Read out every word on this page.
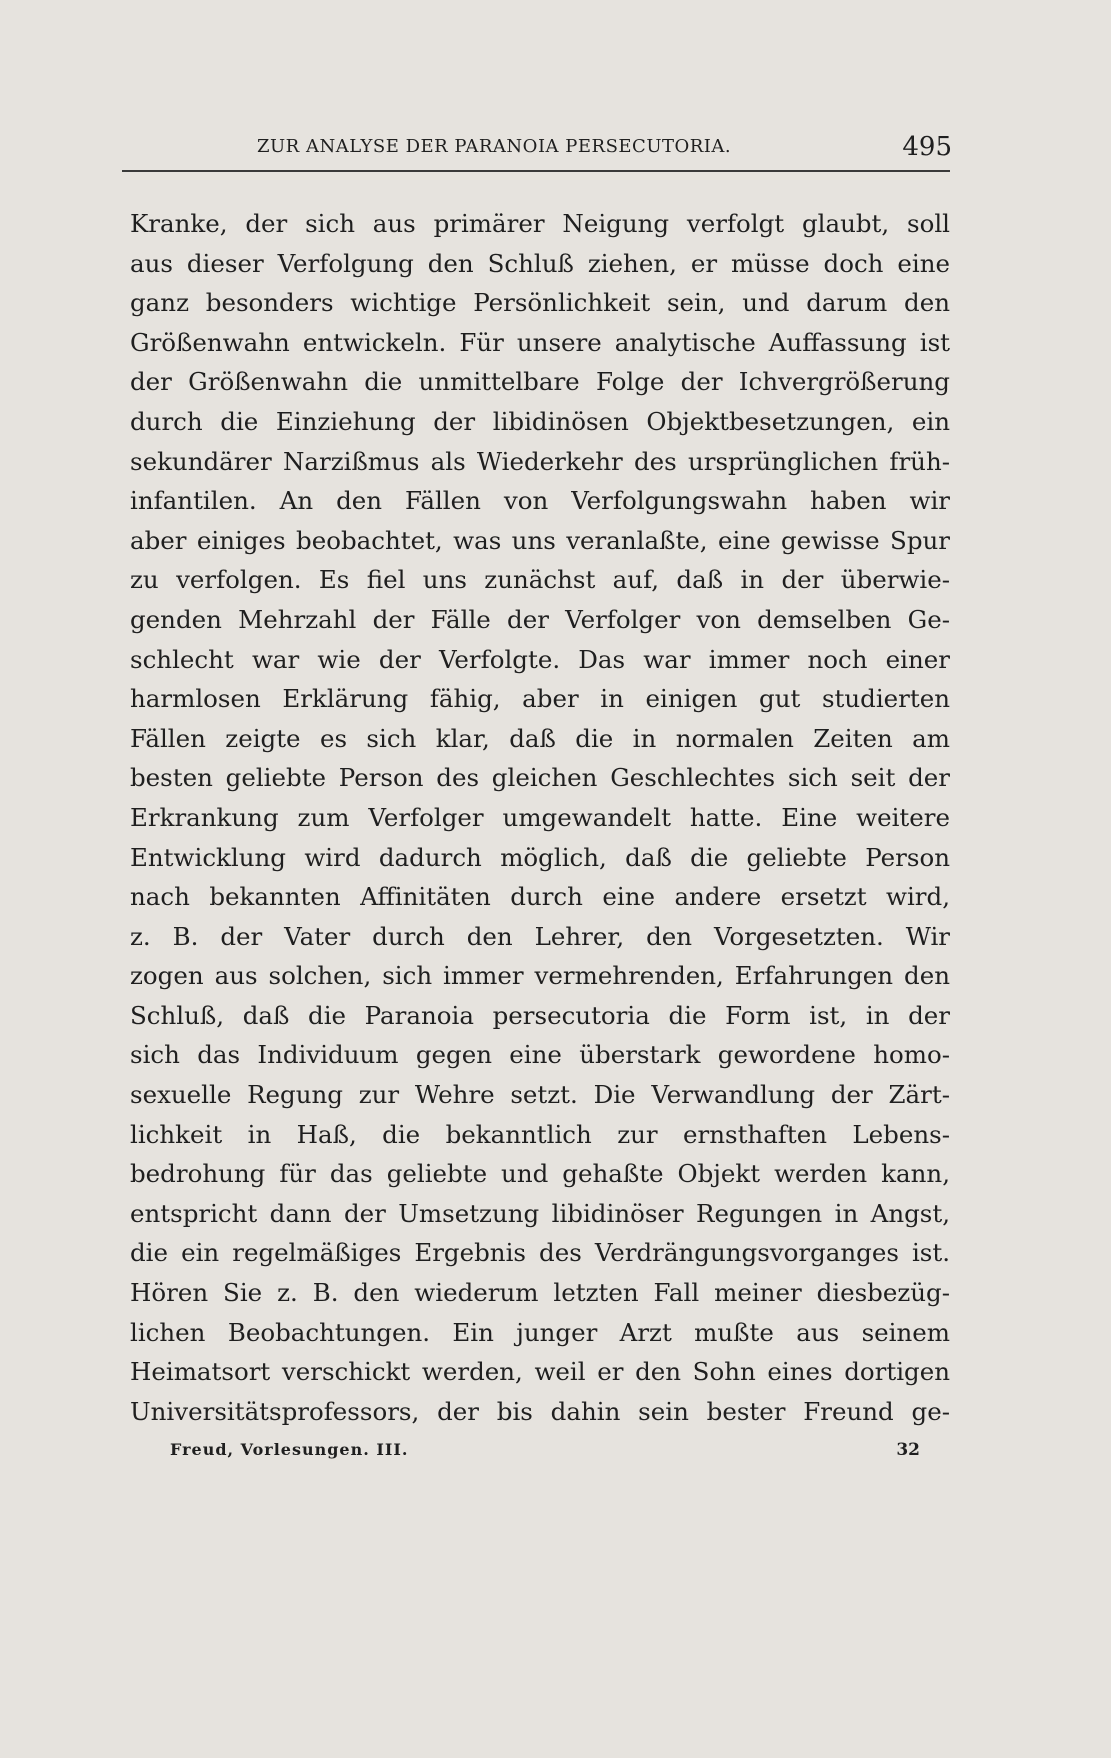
ZUR ANALYSE DER PARANOIA PERSECUTORIA.	495
Kranke, der sich aus primärer Neigung verfolgt glaubt, soll
aus dieser Verfolgung den Schluß ziehen, er müsse doch eine
ganz besonders wichtige Persönlichkeit sein, und darum den
Größenwahn entwickeln. Für unsere analytische Auffassung ist
der Größenwahn die unmittelbare Folge der Ichvergrößerung
durch die Einziehung der libidinösen Objektbesetzungen, ein
sekundärer Narzißmus als Wiederkehr des ursprünglichen früh-
infantilen. An den Fällen von Verfolgungswahn haben wir
aber einiges beobachtet, was uns veranlaßte, eine gewisse Spur
zu verfolgen. Es fiel uns zunächst auf, daß in der überwie-
genden Mehrzahl der Fälle der Verfolger von demselben Ge-
schlecht war wie der Verfolgte. Das war immer noch einer
harmlosen Erklärung fähig, aber in einigen gut studierten
Fällen zeigte es sich klar, daß die in normalen Zeiten am
besten geliebte Person des gleichen Geschlechtes sich seit der
Erkrankung zum Verfolger umgewandelt hatte. Eine weitere
Entwicklung wird dadurch möglich, daß die geliebte Person
nach bekannten Affinitäten durch eine andere ersetzt wird,
z. B. der Vater durch den Lehrer, den Vorgesetzten. Wir
zogen aus solchen, sich immer vermehrenden, Erfahrungen den
Schluß, daß die Paranoia persecutoria die Form ist, in der
sich das Individuum gegen eine überstark gewordene homo-
sexuelle Regung zur Wehre setzt. Die Verwandlung der Zärt-
lichkeit in Haß, die bekanntlich zur ernsthaften Lebens-
bedrohung für das geliebte und gehaßte Objekt werden kann,
entspricht dann der Umsetzung libidinöser Regungen in Angst,
die ein regelmäßiges Ergebnis des Verdrängungsvorganges ist.
Hören Sie z. B. den wiederum letzten Fall meiner diesbezüg-
lichen Beobachtungen. Ein junger Arzt mußte aus seinem
Heimatsort verschickt werden, weil er den Sohn eines dortigen
Universitätsprofessors, der bis dahin sein bester Freund ge-
Freud, Vorlesungen. III.	32
